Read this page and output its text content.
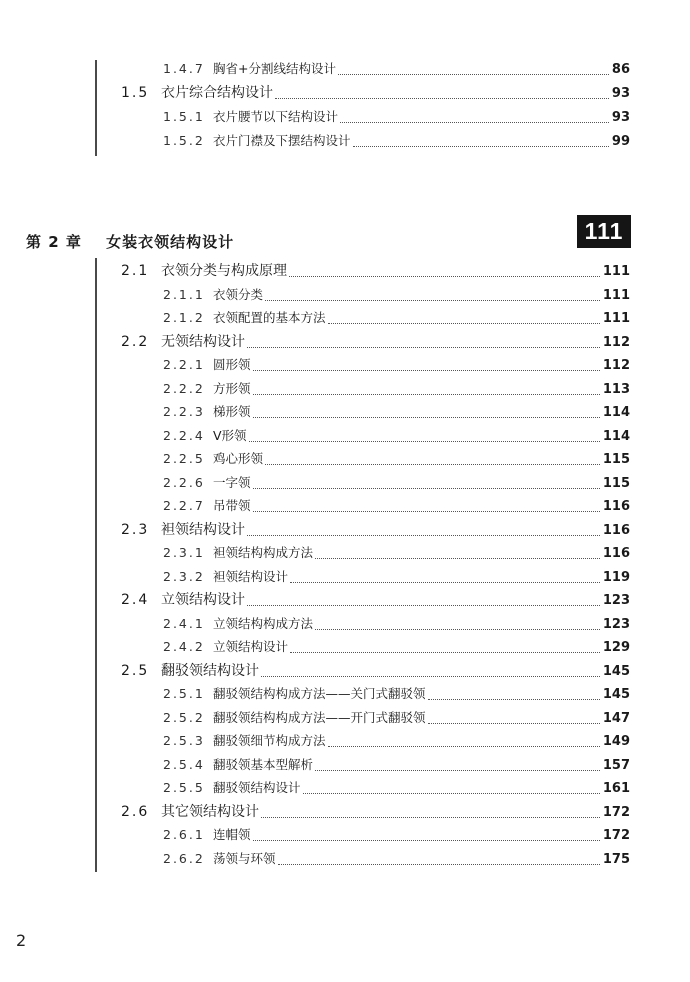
1.4.7 胸省+分割线结构设计	86
1.5 衣片综合结构设计	93
1.5.1 衣片腰节以下结构设计	93
1.5.2 衣片门襟及下摆结构设计	99
第 2 章 女装衣领结构设计	111
2.1 衣领分类与构成原理	111
2.1.1 衣领分类	111
2.1.2 衣领配置的基本方法	111
2.2 无领结构设计	112
2.2.1 圆形领	112
2.2.2 方形领	113
2.2.3 梯形领	114
2.2.4 V形领	114
2.2.5 鸡心形领	115
2.2.6 一字领	115
2.2.7 吊带领	116
2.3 袒领结构设计	116
2.3.1 袒领结构构成方法	116
2.3.2 袒领结构设计	119
2.4 立领结构设计	123
2.4.1 立领结构构成方法	123
2.4.2 立领结构设计	129
2.5 翻驳领结构设计	145
2.5.1 翻驳领结构构成方法——关门式翻驳领	145
2.5.2 翻驳领结构构成方法——开门式翻驳领	147
2.5.3 翻驳领细节构成方法	149
2.5.4 翻驳领基本型解析	157
2.5.5 翻驳领结构设计	161
2.6 其它领结构设计	172
2.6.1 连帽领	172
2.6.2 荡领与环领	175
2
